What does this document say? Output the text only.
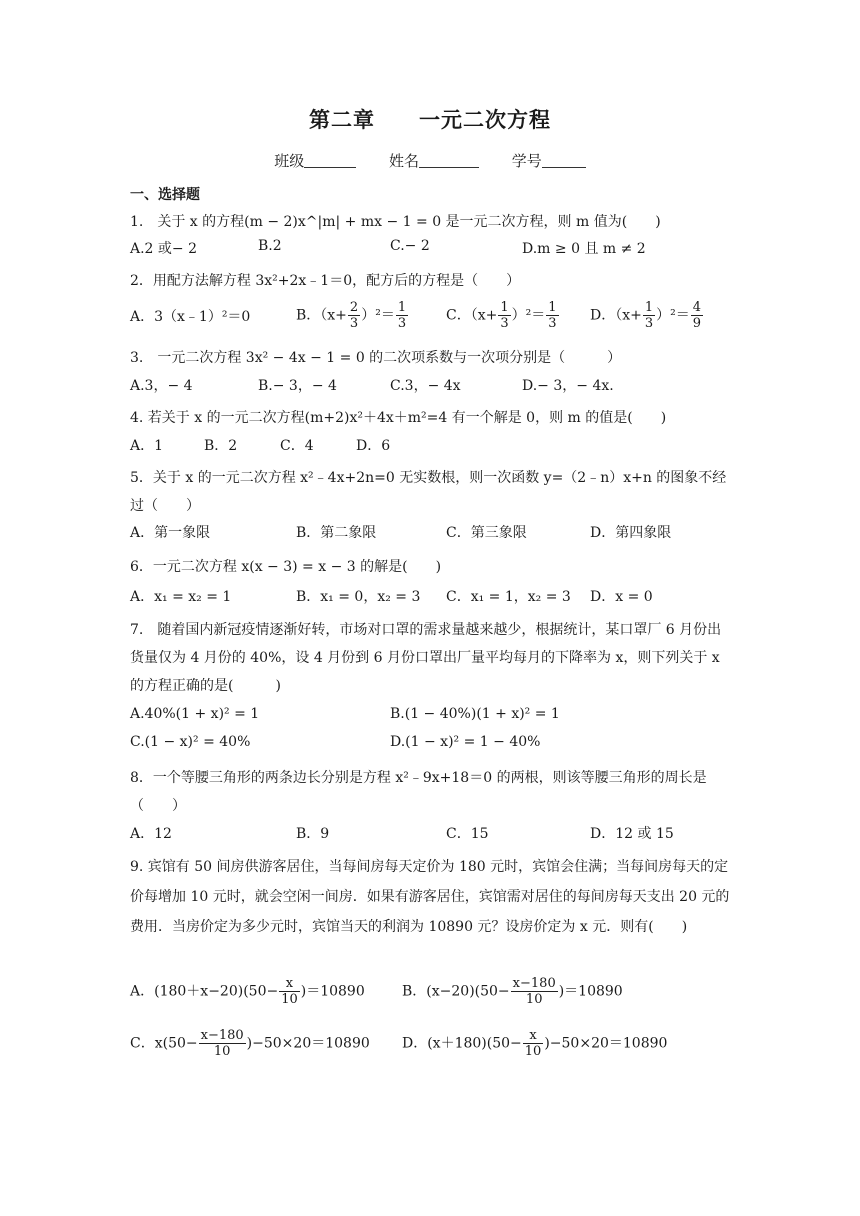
第二章 一元二次方程
班级	姓名	学号
一、选择题
1.　关于 x 的方程(m − 2)x^|m| + mx − 1 = 0 是一元二次方程，则 m 值为(　　)
A.2 或− 2	B.2	C.− 2	D.m ≥ 0 且 m ≠ 2
2．用配方法解方程 3x²+2x﹣1＝0，配方后的方程是（　　）
A．3（x﹣1）²＝0	B．$(x+ \frac{2}{3} )^2= \frac{1}{3}$	C．$(x+ \frac{1}{3} )^2= \frac{1}{3}$ D．$(x+ \frac{1}{3} )^2= \frac{4}{9}$
3.　一元二次方程 3x² − 4x − 1 = 0 的二次项系数与一次项分别是（　　　）
A.3，− 4	B.− 3，− 4	C.3，− 4x	D.− 3，− 4x.
4. 若关于 x 的一元二次方程(m+2)x²＋4x＋m²=4 有一个解是 0，则 m 的值是(　　)
A．1	B．2	C．4	D．6
5．关于 x 的一元二次方程 x²﹣4x+2n=0 无实数根，则一次函数 y=（2﹣n）x+n 的图象不经过（　　）
A．第一象限	B．第二象限	C．第三象限	D．第四象限
6．一元二次方程 x(x − 3) = x − 3 的解是(　　)
A．x₁ = x₂ = 1	B．x₁ = 0，x₂ = 3 C．x₁ = 1，x₂ = 3 D．x = 0
7.　随着国内新冠疫情逐渐好转，市场对口罩的需求量越来越少，根据统计，某口罩厂 6 月份出货量仅为 4 月份的 40%，设 4 月份到 6 月份口罩出厂量平均每月的下降率为 x，则下列关于 x 的方程正确的是(　　　)
A.40%(1 + x)² = 1	B.(1 − 40%)(1 + x)² = 1
C.(1 − x)² = 40%	D.(1 − x)² = 1 − 40%
8．一个等腰三角形的两条边长分别是方程 x²﹣9x+18＝0 的两根，则该等腰三角形的周长是（　　）
A．12	B．9	C．15	D．12 或 15
9. 宾馆有 50 间房供游客居住，当每间房每天定价为 180 元时，宾馆会住满；当每间房每天的定价每增加 10 元时，就会空闲一间房．如果有游客居住，宾馆需对居住的每间房每天支出 20 元的费用．当房价定为多少元时，宾馆当天的利润为 10890 元？设房价定为 x 元．则有(　　)
A．$(180+x-20)(50- \frac{x}{10} )=10890$	B．$(x-20)(50- \frac{x-180}{10} )=10890$
C．$x(50- \frac{x-180}{10} )-50\times 20=10890$ D．$(x+180)(50- \frac{x}{10} )-50\times 20=10890$
